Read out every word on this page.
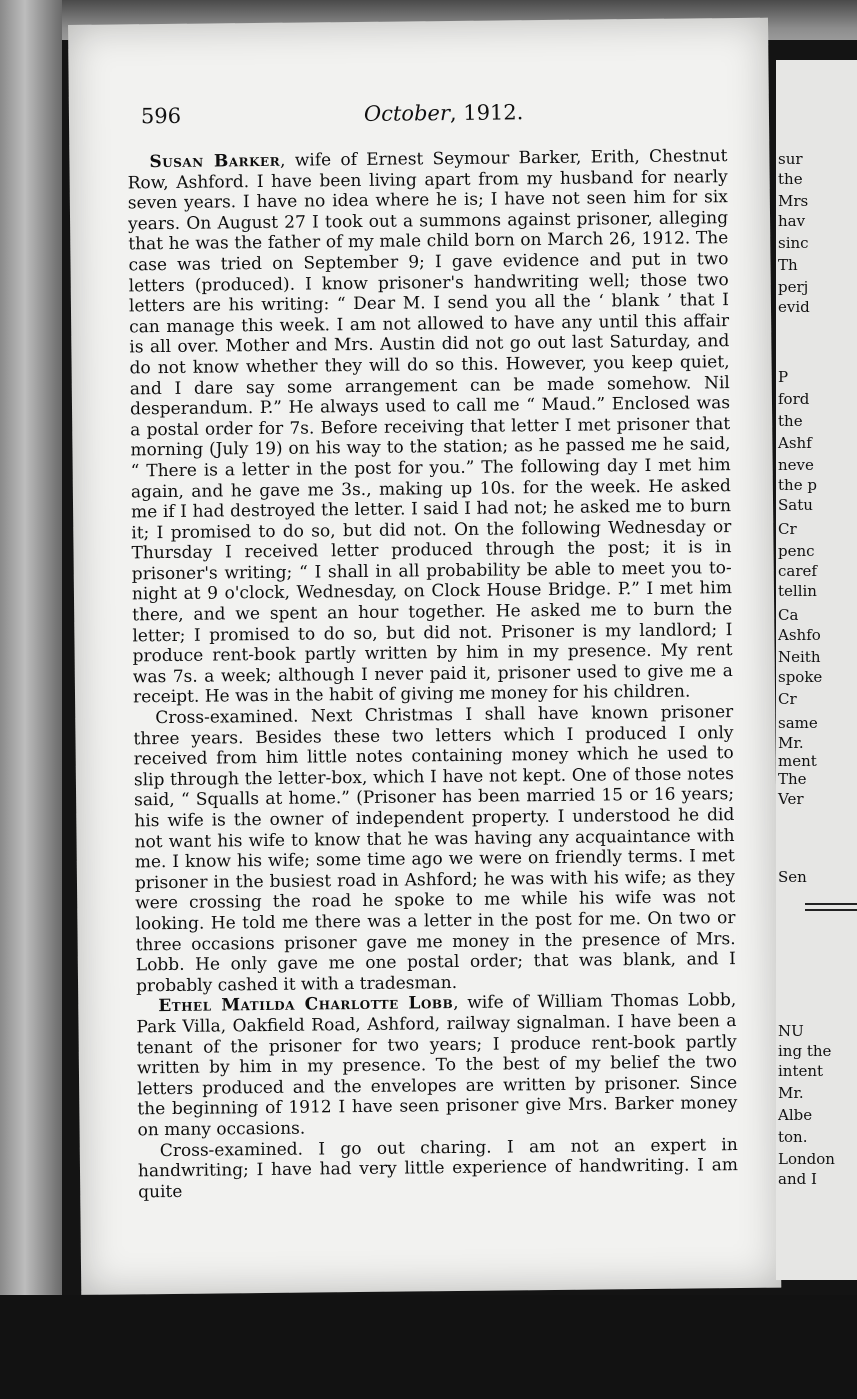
596	October, 1912.

Susan Barker, wife of Ernest Seymour Barker, Erith, Chestnut Row, Ashford. I have been living apart from my husband for nearly seven years. I have no idea where he is; I have not seen him for six years. On August 27 I took out a summons against prisoner, alleging that he was the father of my male child born on March 26, 1912. The case was tried on September 9; I gave evidence and put in two letters (produced). I know prisoner's handwriting well; those two letters are his writing: “ Dear M. I send you all the ‘ blank ’ that I can manage this week. I am not allowed to have any until this affair is all over. Mother and Mrs. Austin did not go out last Saturday, and do not know whether they will do so this. However, you keep quiet, and I dare say some arrangement can be made somehow. Nil desperandum. P.” He always used to call me “ Maud.” Enclosed was a postal order for 7s. Before receiving that letter I met prisoner that morning (July 19) on his way to the station; as he passed me he said, “ There is a letter in the post for you.” The following day I met him again, and he gave me 3s., making up 10s. for the week. He asked me if I had destroyed the letter. I said I had not; he asked me to burn it; I promised to do so, but did not. On the following Wednesday or Thursday I received letter produced through the post; it is in prisoner's writing; “ I shall in all probability be able to meet you to-night at 9 o'clock, Wednesday, on Clock House Bridge. P.” I met him there, and we spent an hour together. He asked me to burn the letter; I promised to do so, but did not. Prisoner is my landlord; I produce rent-book partly written by him in my presence. My rent was 7s. a week; although I never paid it, prisoner used to give me a receipt. He was in the habit of giving me money for his children.

Cross-examined. Next Christmas I shall have known prisoner three years. Besides these two letters which I produced I only received from him little notes containing money which he used to slip through the letter-box, which I have not kept. One of those notes said, “ Squalls at home.” (Prisoner has been married 15 or 16 years; his wife is the owner of independent property. I understood he did not want his wife to know that he was having any acquaintance with me. I know his wife; some time ago we were on friendly terms. I met prisoner in the busiest road in Ashford; he was with his wife; as they were crossing the road he spoke to me while his wife was not looking. He told me there was a letter in the post for me. On two or three occasions prisoner gave me money in the presence of Mrs. Lobb. He only gave me one postal order; that was blank, and I probably cashed it with a tradesman.

Ethel Matilda Charlotte Lobb, wife of William Thomas Lobb, Park Villa, Oakfield Road, Ashford, railway signalman. I have been a tenant of the prisoner for two years; I produce rent-book partly written by him in my presence. To the best of my belief the two letters produced and the envelopes are written by prisoner. Since the beginning of 1912 I have seen prisoner give Mrs. Barker money on many occasions.

Cross-examined. I go out charing. I am not an expert in handwriting; I have had very little experience of handwriting. I am quite

sur
the
Mrs
hav
sinc
Th
perj
evid
P
ford
the
Ashf
neve
the p
Satu
Cr
penc
caref
tellin
Ca
Ashfo
Neith
spoke
Cr
same
Mr.
ment
The
Ver
Sen
NU
ing the
intent
Mr.
Albe
ton.
London
and I
